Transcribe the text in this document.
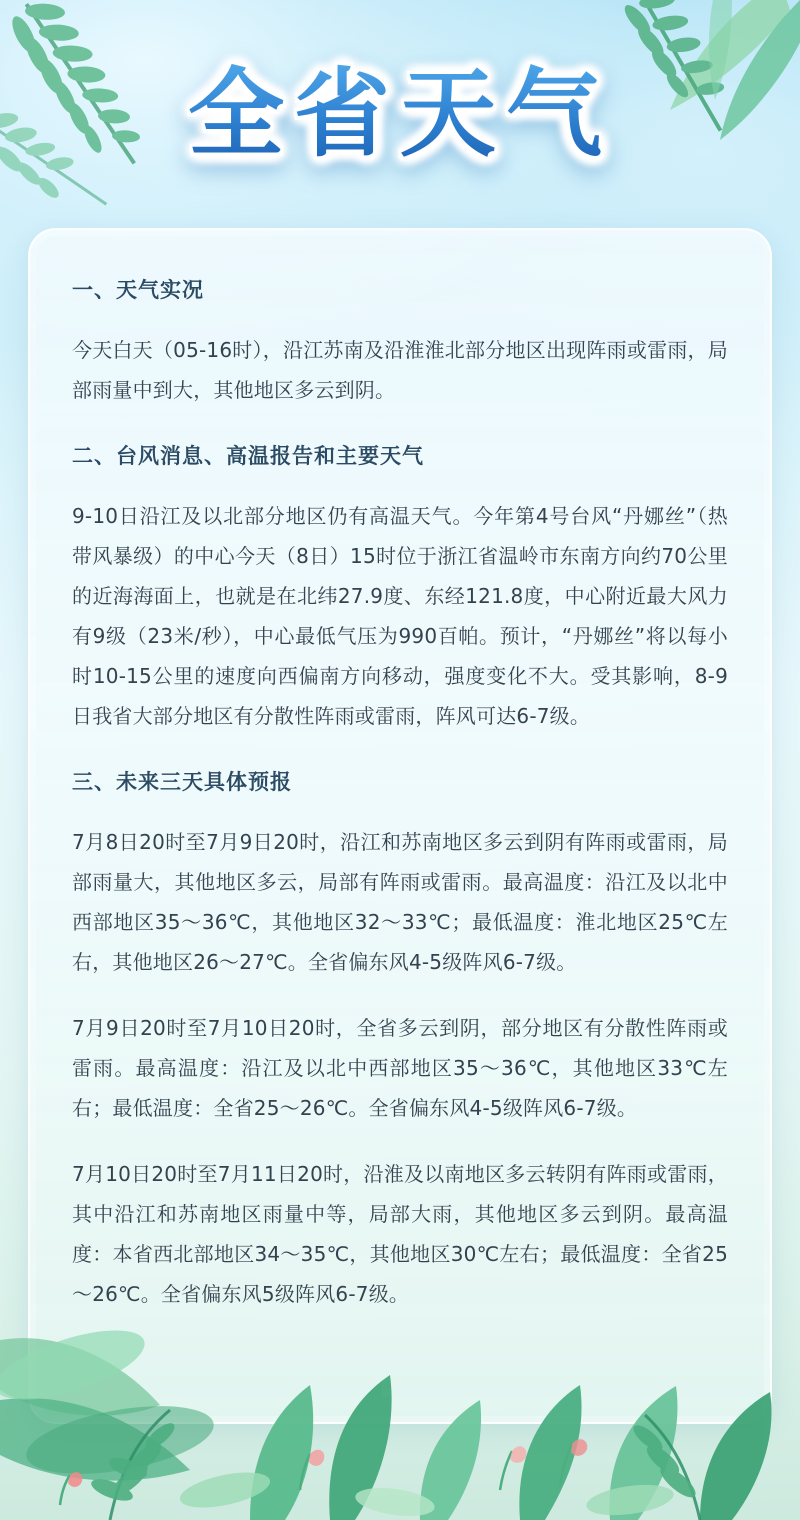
全省天气
一、天气实况

今天白天（05-16时），沿江苏南及沿淮淮北部分地区出现阵雨或雷雨，局部雨量中到大，其他地区多云到阴。

二、台风消息、高温报告和主要天气

9-10日沿江及以北部分地区仍有高温天气。今年第4号台风“丹娜丝”（热带风暴级）的中心今天（8日）15时位于浙江省温岭市东南方向约70公里的近海海面上，也就是在北纬27.9度、东经121.8度，中心附近最大风力有9级（23米/秒），中心最低气压为990百帕。预计，“丹娜丝”将以每小时10-15公里的速度向西偏南方向移动，强度变化不大。受其影响，8-9日我省大部分地区有分散性阵雨或雷雨，阵风可达6-7级。

三、未来三天具体预报

7月8日20时至7月9日20时，沿江和苏南地区多云到阴有阵雨或雷雨，局部雨量大，其他地区多云，局部有阵雨或雷雨。最高温度：沿江及以北中西部地区35～36℃，其他地区32～33℃；最低温度：淮北地区25℃左右，其他地区26～27℃。全省偏东风4-5级阵风6-7级。

7月9日20时至7月10日20时，全省多云到阴，部分地区有分散性阵雨或雷雨。最高温度：沿江及以北中西部地区35～36℃，其他地区33℃左右；最低温度：全省25～26℃。全省偏东风4-5级阵风6-7级。

7月10日20时至7月11日20时，沿淮及以南地区多云转阴有阵雨或雷雨，其中沿江和苏南地区雨量中等，局部大雨，其他地区多云到阴。最高温度：本省西北部地区34～35℃，其他地区30℃左右；最低温度：全省25～26℃。全省偏东风5级阵风6-7级。
